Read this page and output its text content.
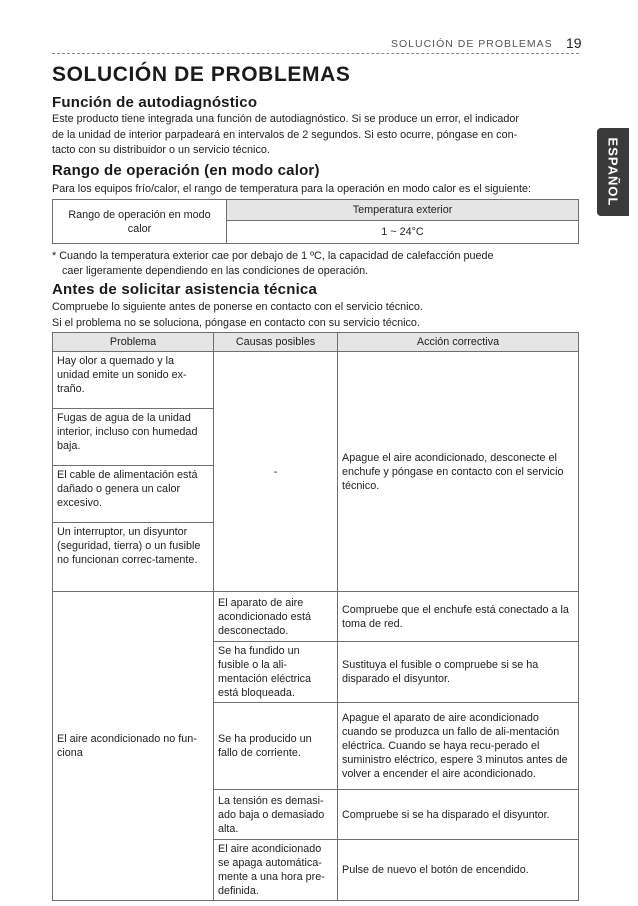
SOLUCIÓN DE PROBLEMAS 19
ESPAÑOL
SOLUCIÓN DE PROBLEMAS
Función de autodiagnóstico
Este producto tiene integrada una función de autodiagnóstico. Si se produce un error, el indicador
de la unidad de interior parpadeará en intervalos de 2 segundos. Si esto ocurre, póngase en con-
tacto con su distribuidor o un servicio técnico.
Rango de operación (en modo calor)
Para los equipos frío/calor, el rango de temperatura para la operación en modo calor es el siguiente:
Rango de operación en modo calor	Temperatura exterior
1 ~ 24°C
* Cuando la temperatura exterior cae por debajo de 1 ºC, la capacidad de calefacción puede
caer ligeramente dependiendo en las condiciones de operación.
Antes de solicitar asistencia técnica
Compruebe lo siguiente antes de ponerse en contacto con el servicio técnico.
Si el problema no se soluciona, póngase en contacto con su servicio técnico.
Problema	Causas posibles	Acción correctiva
Hay olor a quemado y la unidad emite un sonido ex-traño.	-	Apague el aire acondicionado, desconecte el enchufe y póngase en contacto con el servicio técnico.
Fugas de agua de la unidad interior, incluso con humedad baja.		
El cable de alimentación está dañado o genera un calor excesivo.		
Un interruptor, un disyuntor (seguridad, tierra) o un fusible no funcionan correc-tamente.		
El aire acondicionado no fun-ciona	El aparato de aire acondicionado está desconectado.	Compruebe que el enchufe está conectado a la toma de red.
	Se ha fundido un fusible o la ali-mentación eléctrica está bloqueada.	Sustituya el fusible o compruebe si se ha disparado el disyuntor.
	Se ha producido un fallo de corriente.	Apague el aparato de aire acondicionado cuando se produzca un fallo de ali-mentación eléctrica. Cuando se haya recu-perado el suministro eléctrico, espere 3 minutos antes de volver a encender el aire acondicionado.
	La tensión es demasi-ado baja o demasiado alta.	Compruebe si se ha disparado el disyuntor.
	El aire acondicionado se apaga automática-mente a una hora pre-definida.	Pulse de nuevo el botón de encendido.
